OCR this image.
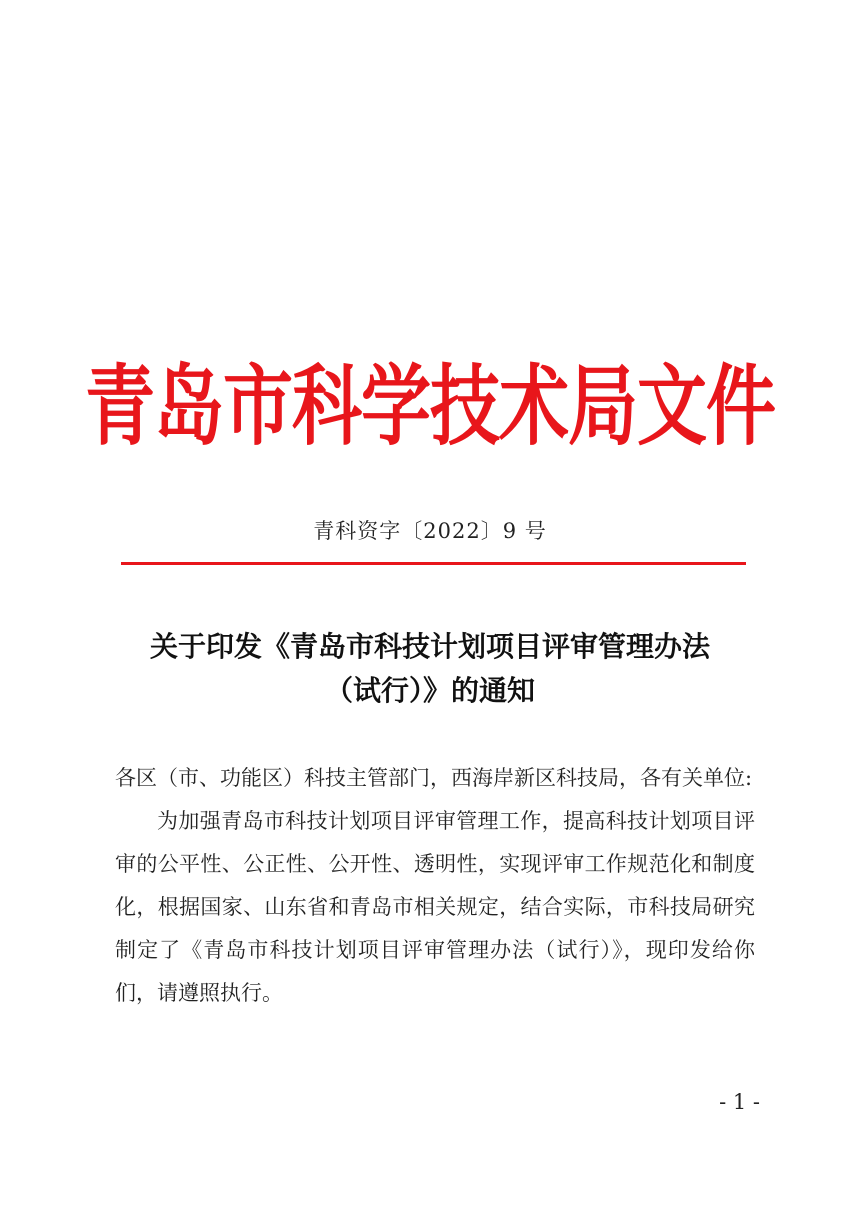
青岛市科学技术局文件
青科资字〔2022〕9 号
关于印发《青岛市科技计划项目评审管理办法
（试行）》的通知

各区（市、功能区）科技主管部门，西海岸新区科技局，各有关单位:

为加强青岛市科技计划项目评审管理工作，提高科技计划项目评审的公平性、公正性、公开性、透明性，实现评审工作规范化和制度化，根据国家、山东省和青岛市相关规定，结合实际，市科技局研究制定了《青岛市科技计划项目评审管理办法（试行）》，现印发给你们，请遵照执行。

- 1 -
